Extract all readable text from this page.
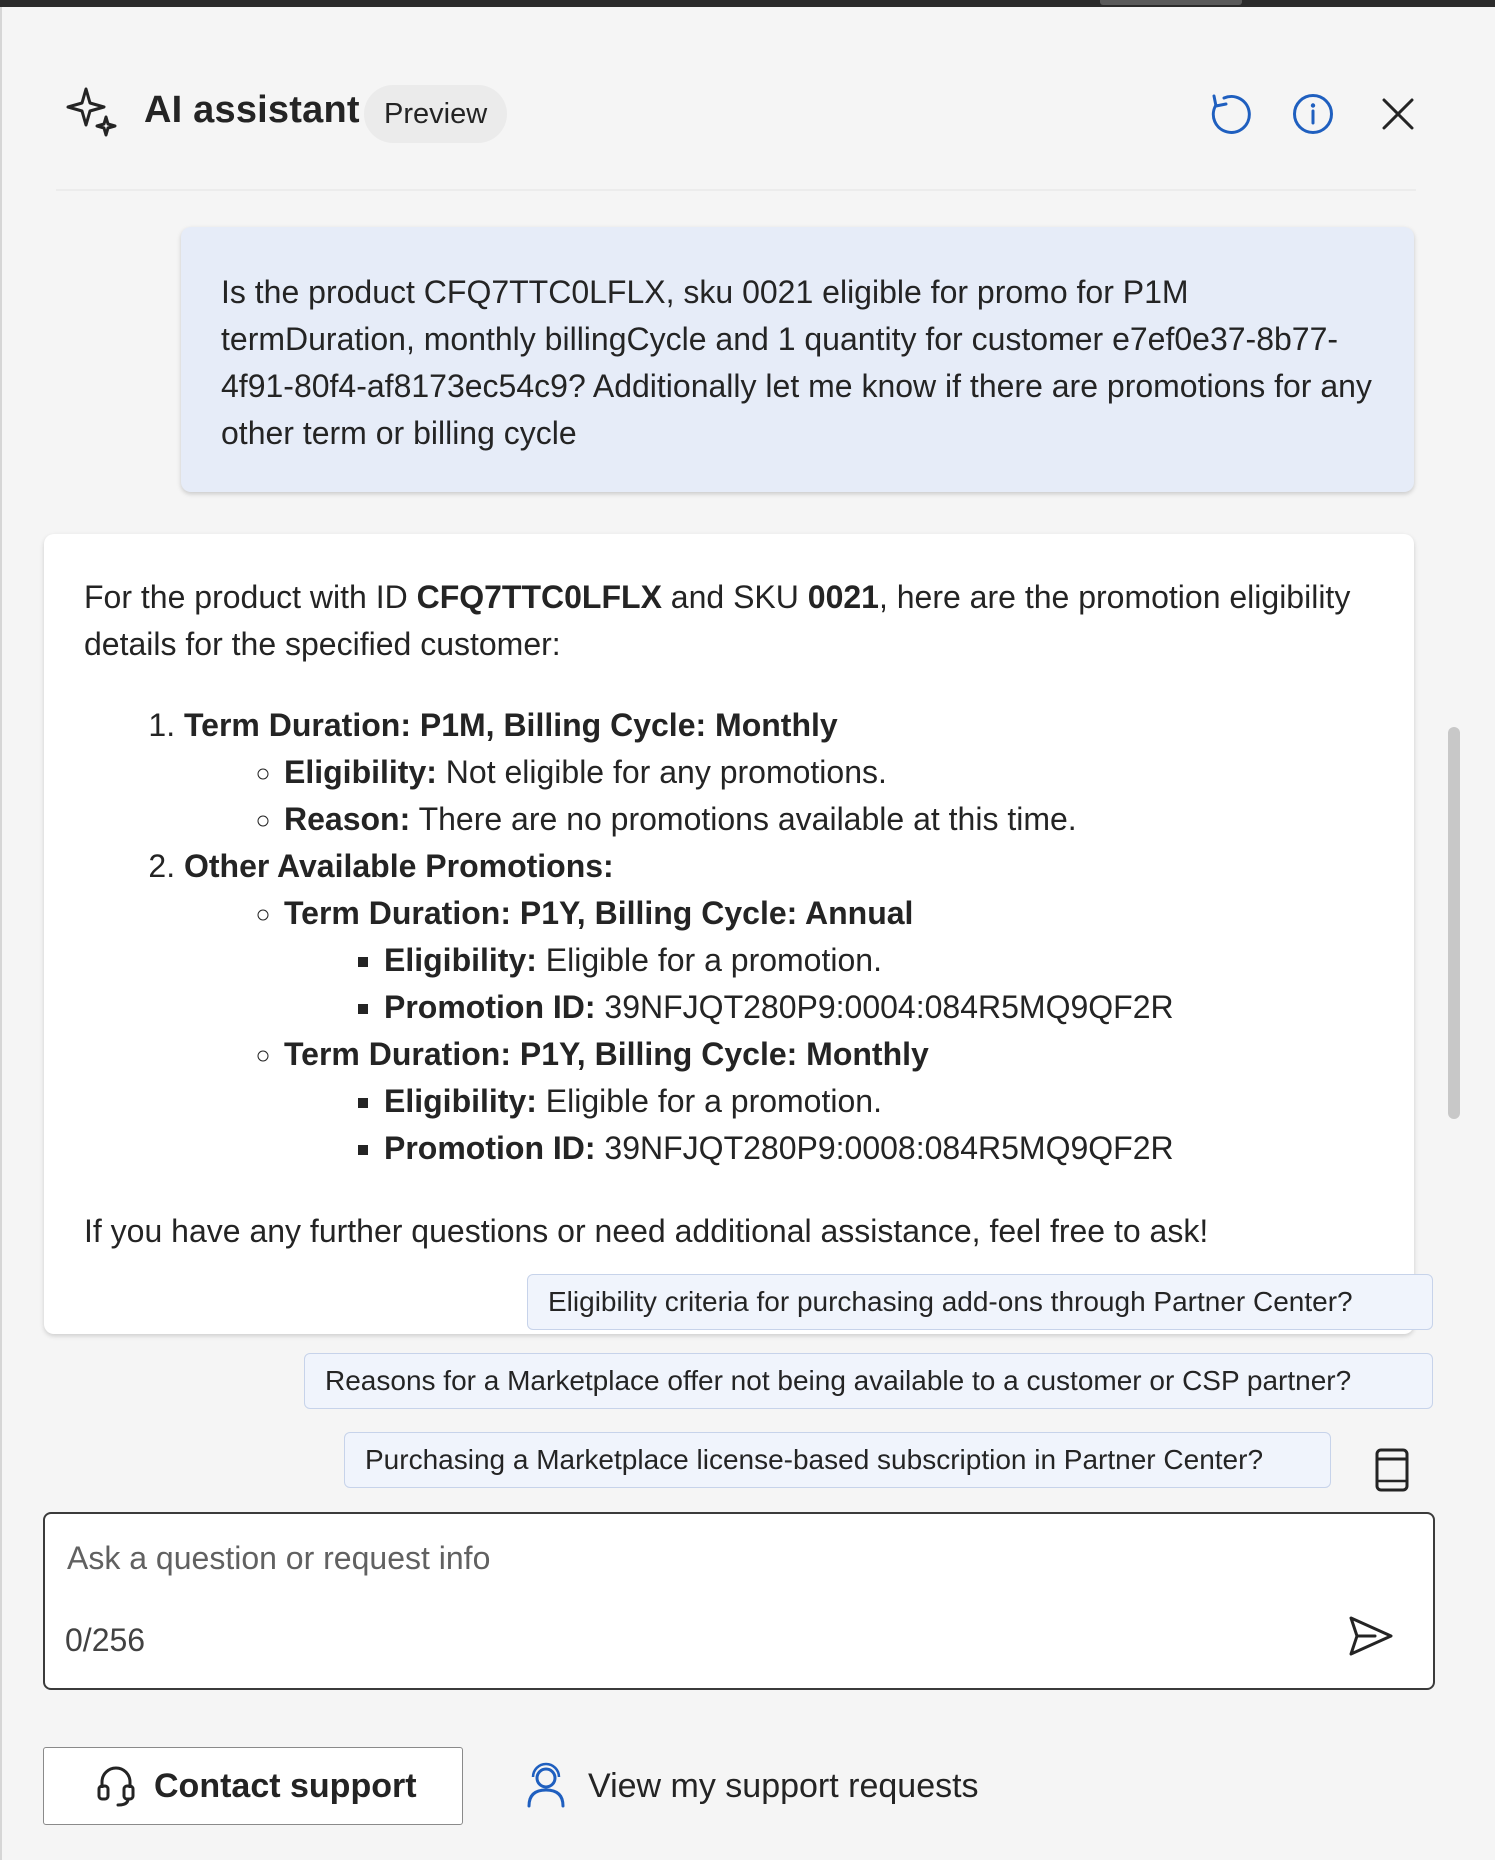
AI assistant Preview
Is the product CFQ7TTC0LFLX, sku 0021 eligible for promo for P1M termDuration, monthly billingCycle and 1 quantity for customer e7ef0e37-8b77-4f91-80f4-af8173ec54c9? Additionally let me know if there are promotions for any other term or billing cycle

For the product with ID CFQ7TTC0LFLX and SKU 0021, here are the promotion eligibility details for the specified customer:

1. Term Duration: P1M, Billing Cycle: Monthly
◦ Eligibility: Not eligible for any promotions.
◦ Reason: There are no promotions available at this time.
2. Other Available Promotions:
◦ Term Duration: P1Y, Billing Cycle: Annual
▪ Eligibility: Eligible for a promotion.
▪ Promotion ID: 39NFJQT280P9:0004:084R5MQ9QF2R
◦ Term Duration: P1Y, Billing Cycle: Monthly
▪ Eligibility: Eligible for a promotion.
▪ Promotion ID: 39NFJQT280P9:0008:084R5MQ9QF2R

If you have any further questions or need additional assistance, feel free to ask!

Eligibility criteria for purchasing add-ons through Partner Center?
Reasons for a Marketplace offer not being available to a customer or CSP partner?
Purchasing a Marketplace license-based subscription in Partner Center?
Ask a question or request info
0/256
Contact support	View my support requests
